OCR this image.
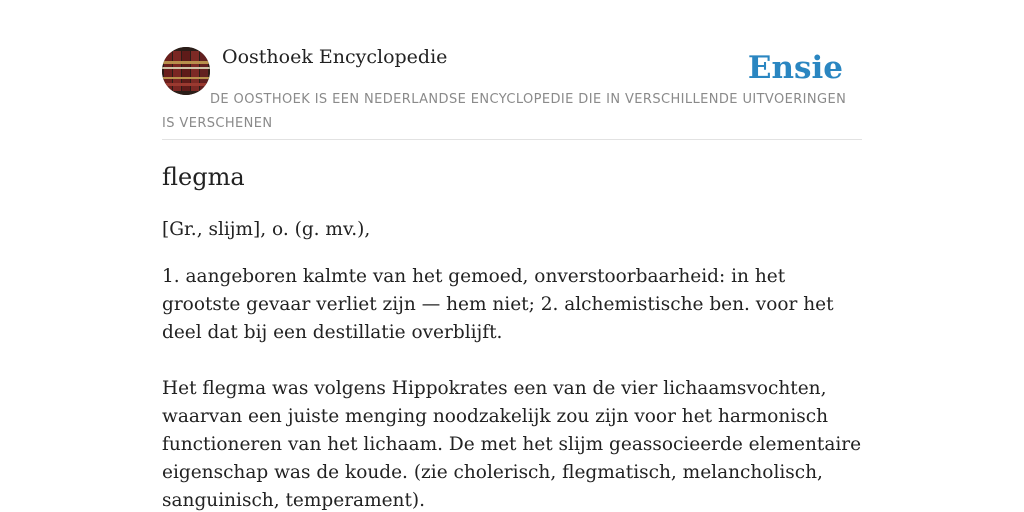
Oosthoek Encyclopedie	Ensie
DE OOSTHOEK IS EEN NEDERLANDSE ENCYCLOPEDIE DIE IN VERSCHILLENDE UITVOERINGEN IS VERSCHENEN
flegma

[Gr., slijm], o. (g. mv.),

1. aangeboren kalmte van het gemoed, onverstoorbaarheid: in het grootste gevaar verliet zijn — hem niet; 2. alchemistische ben. voor het deel dat bij een destillatie overblijft.

Het flegma was volgens Hippokrates een van de vier lichaamsvochten, waarvan een juiste menging noodzakelijk zou zijn voor het harmonisch functioneren van het lichaam. De met het slijm geassocieerde elementaire eigenschap was de koude. (zie cholerisch, flegmatisch, melancholisch, sanguinisch, temperament).
